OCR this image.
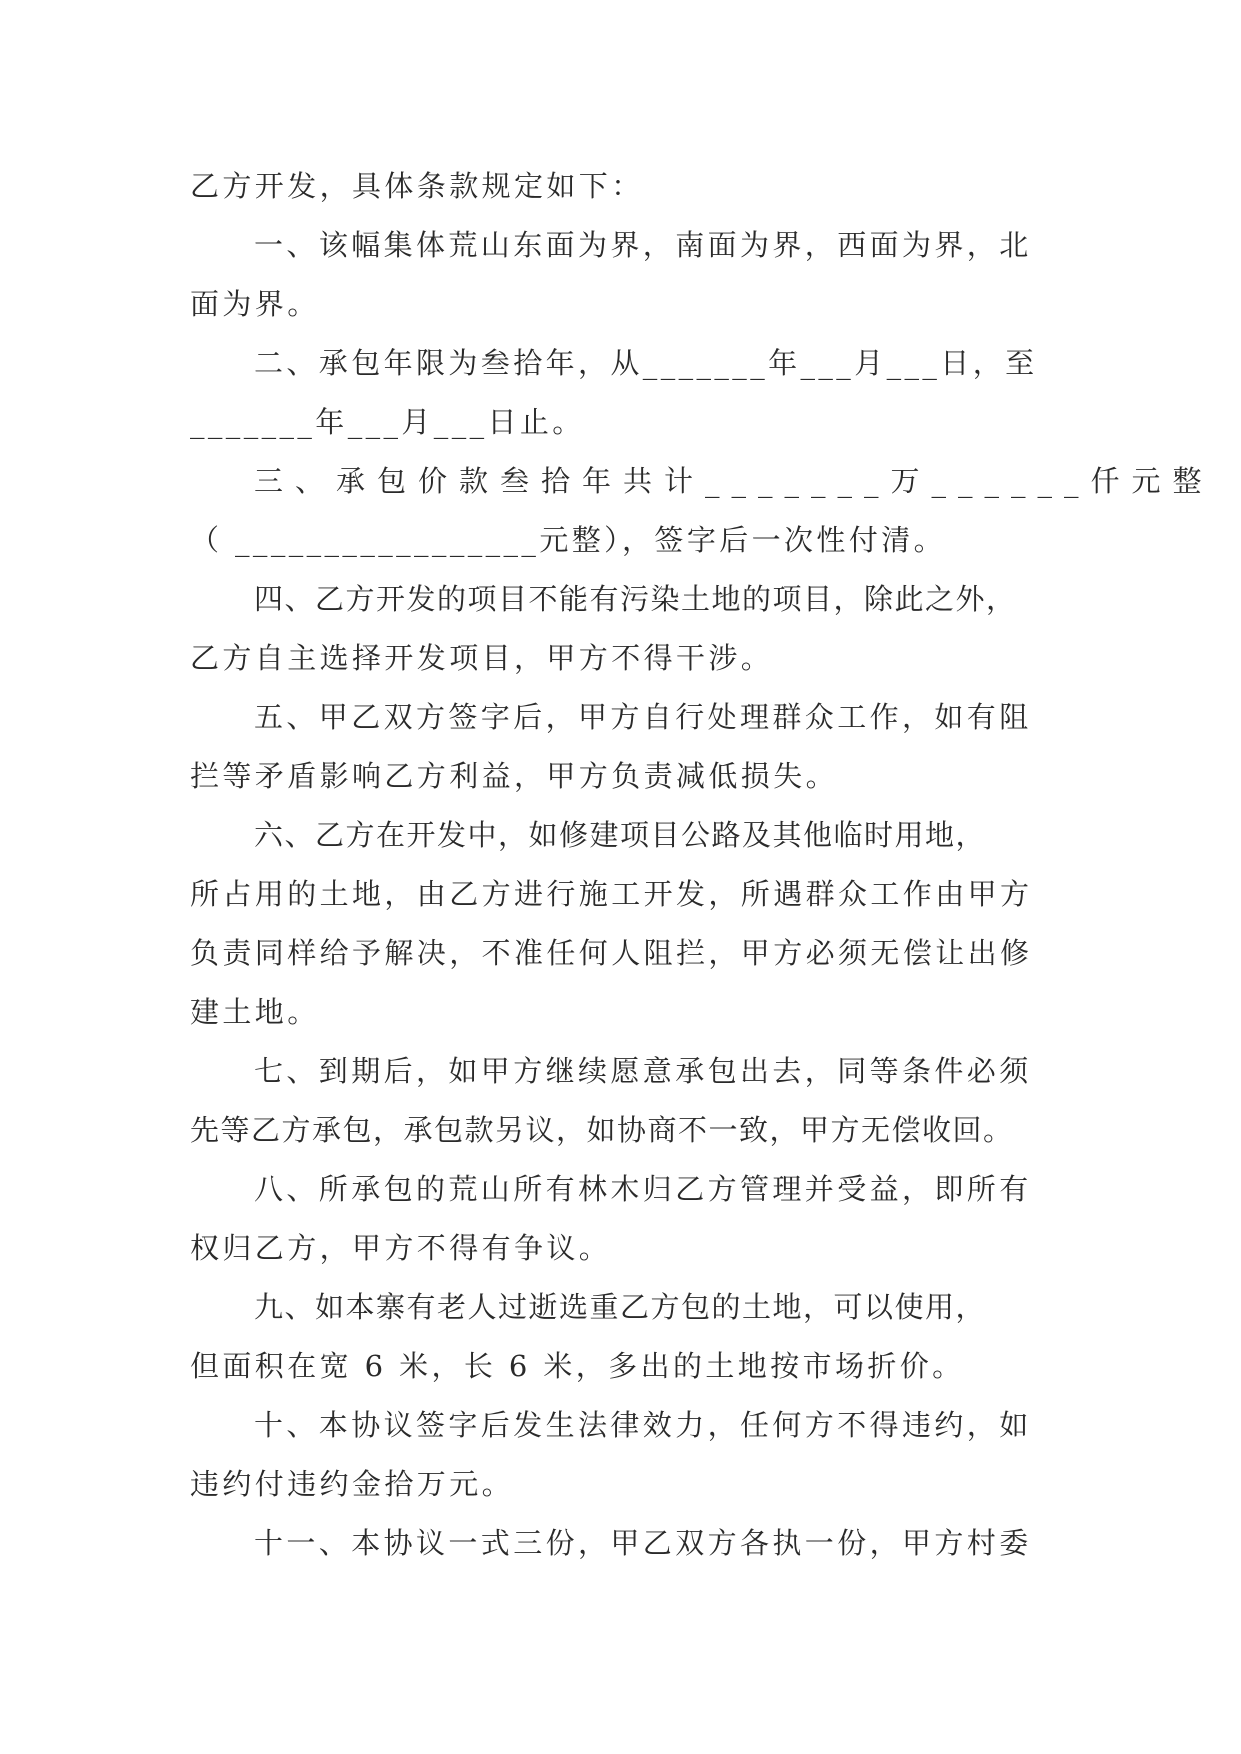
乙方开发，具体条款规定如下：
一、该幅集体荒山东面为界，南面为界，西面为界，北
面为界。
二、承包年限为叁拾年，从_______年___月___日，至
_______年___月___日止。
三、承包价款叁拾年共计_______万______仟元整
（ _________________元整），签字后一次性付清。
四、乙方开发的项目不能有污染土地的项目，除此之外，
乙方自主选择开发项目，甲方不得干涉。
五、甲乙双方签字后，甲方自行处理群众工作，如有阻
拦等矛盾影响乙方利益，甲方负责减低损失。
六、乙方在开发中，如修建项目公路及其他临时用地，
所占用的土地，由乙方进行施工开发，所遇群众工作由甲方
负责同样给予解决，不准任何人阻拦，甲方必须无偿让出修
建土地。
七、到期后，如甲方继续愿意承包出去，同等条件必须
先等乙方承包，承包款另议，如协商不一致，甲方无偿收回。
八、所承包的荒山所有林木归乙方管理并受益，即所有
权归乙方，甲方不得有争议。
九、如本寨有老人过逝选重乙方包的土地，可以使用，
但面积在宽 6 米，长 6 米，多出的土地按市场折价。
十、本协议签字后发生法律效力，任何方不得违约，如
违约付违约金拾万元。
十一、本协议一式三份，甲乙双方各执一份，甲方村委
